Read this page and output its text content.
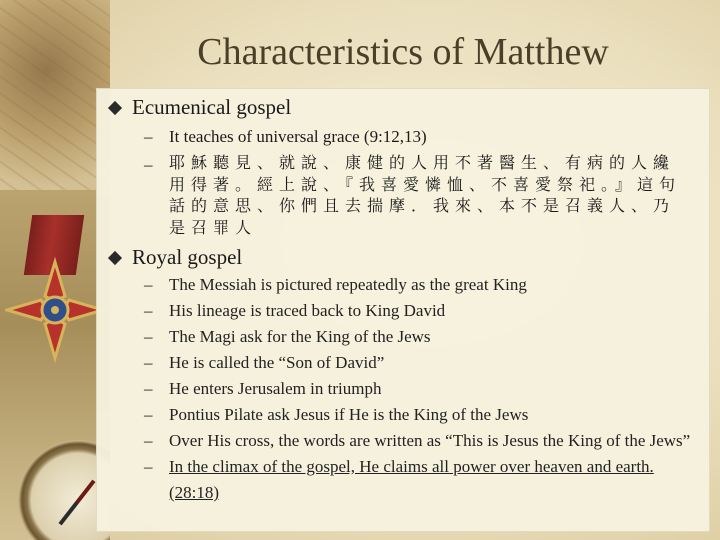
Characteristics of Matthew
Ecumenical gospel
– It teaches of universal grace (9:12,13)
– 耶穌聽見、就說、康健的人用不著醫生、有病的人纔用得著。經上說、『我喜愛憐恤、不喜愛祭祀。』這句話的意思、你們且去揣摩．我來、本不是召義人、乃是召罪人
Royal gospel
– The Messiah is pictured repeatedly as the great King
– His lineage is traced back to King David
– The Magi ask for the King of the Jews
– He is called the “Son of David”
– He enters Jerusalem in triumph
– Pontius Pilate ask Jesus if He is the King of the Jews
– Over His cross, the words are written as “This is Jesus the King of the Jews”
– In the climax of the gospel, He claims all power over heaven and earth. (28:18)
